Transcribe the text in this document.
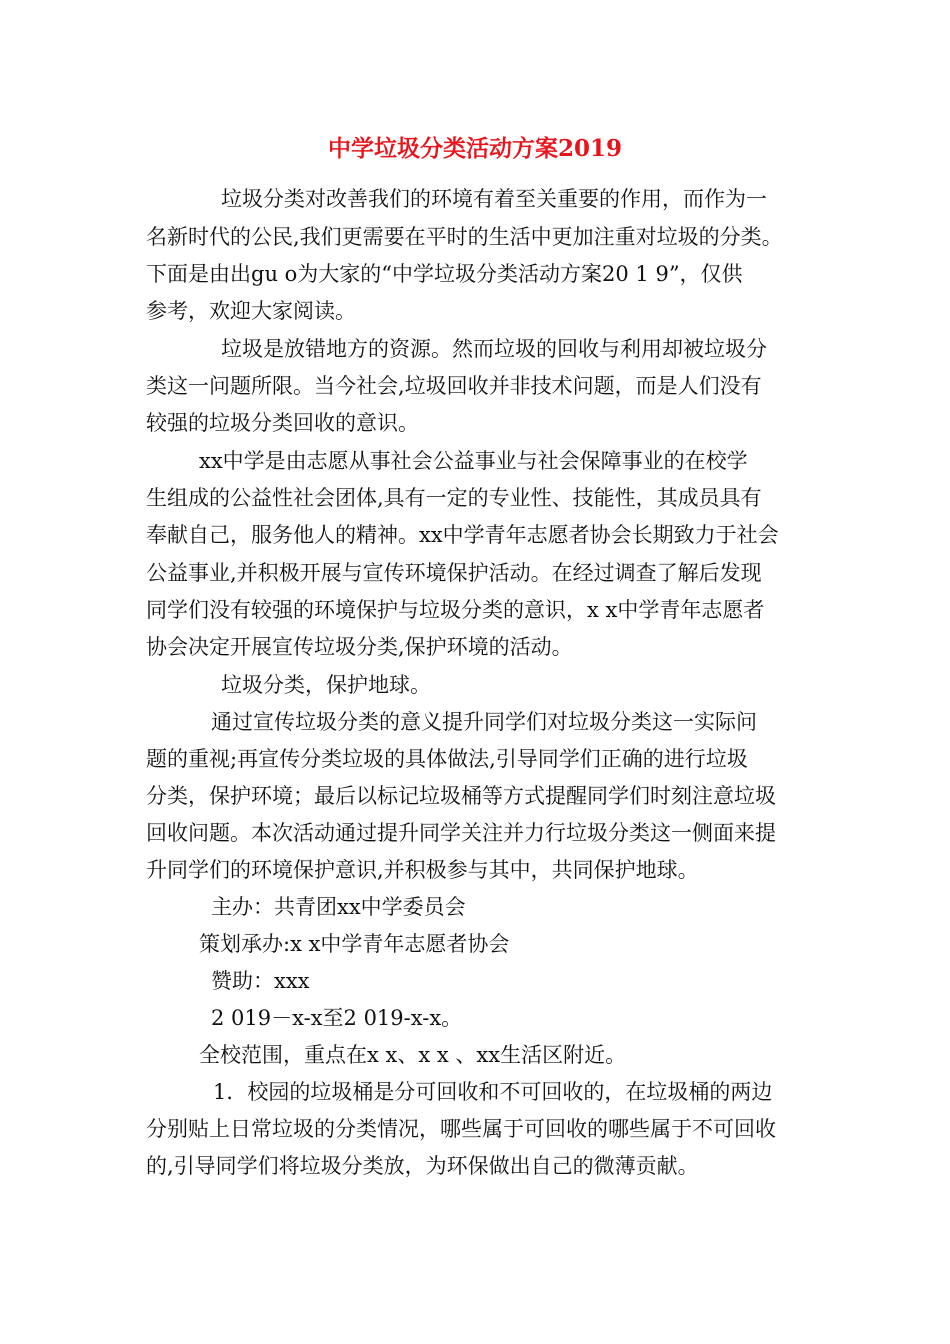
中学垃圾分类活动方案2019

垃圾分类对改善我们的环境有着至关重要的作用，而作为一

名新时代的公民,我们更需要在平时的生活中更加注重对垃圾的分类。

下面是由出gu o为大家的“中学垃圾分类活动方案20 1 9”，仅供

参考，欢迎大家阅读。

垃圾是放错地方的资源。然而垃圾的回收与利用却被垃圾分

类这一问题所限。当今社会,垃圾回收并非技术问题，而是人们没有

较强的垃圾分类回收的意识。

xx中学是由志愿从事社会公益事业与社会保障事业的在校学

生组成的公益性社会团体,具有一定的专业性、技能性，其成员具有

奉献自己，服务他人的精神。xx中学青年志愿者协会长期致力于社会

公益事业,并积极开展与宣传环境保护活动。在经过调查了解后发现

同学们没有较强的环境保护与垃圾分类的意识，x x中学青年志愿者

协会决定开展宣传垃圾分类,保护环境的活动。

垃圾分类，保护地球。

通过宣传垃圾分类的意义提升同学们对垃圾分类这一实际问

题的重视;再宣传分类垃圾的具体做法,引导同学们正确的进行垃圾

分类，保护环境；最后以标记垃圾桶等方式提醒同学们时刻注意垃圾

回收问题。本次活动通过提升同学关注并力行垃圾分类这一侧面来提

升同学们的环境保护意识,并积极参与其中，共同保护地球。

主办：共青团xx中学委员会

策划承办:x x中学青年志愿者协会

赞助：xxx

2 019－x-x至2 019-x-x。

全校范围，重点在x x、x x 、xx生活区附近。

1．校园的垃圾桶是分可回收和不可回收的，在垃圾桶的两边

分别贴上日常垃圾的分类情况，哪些属于可回收的哪些属于不可回收

的,引导同学们将垃圾分类放，为环保做出自己的微薄贡献。
